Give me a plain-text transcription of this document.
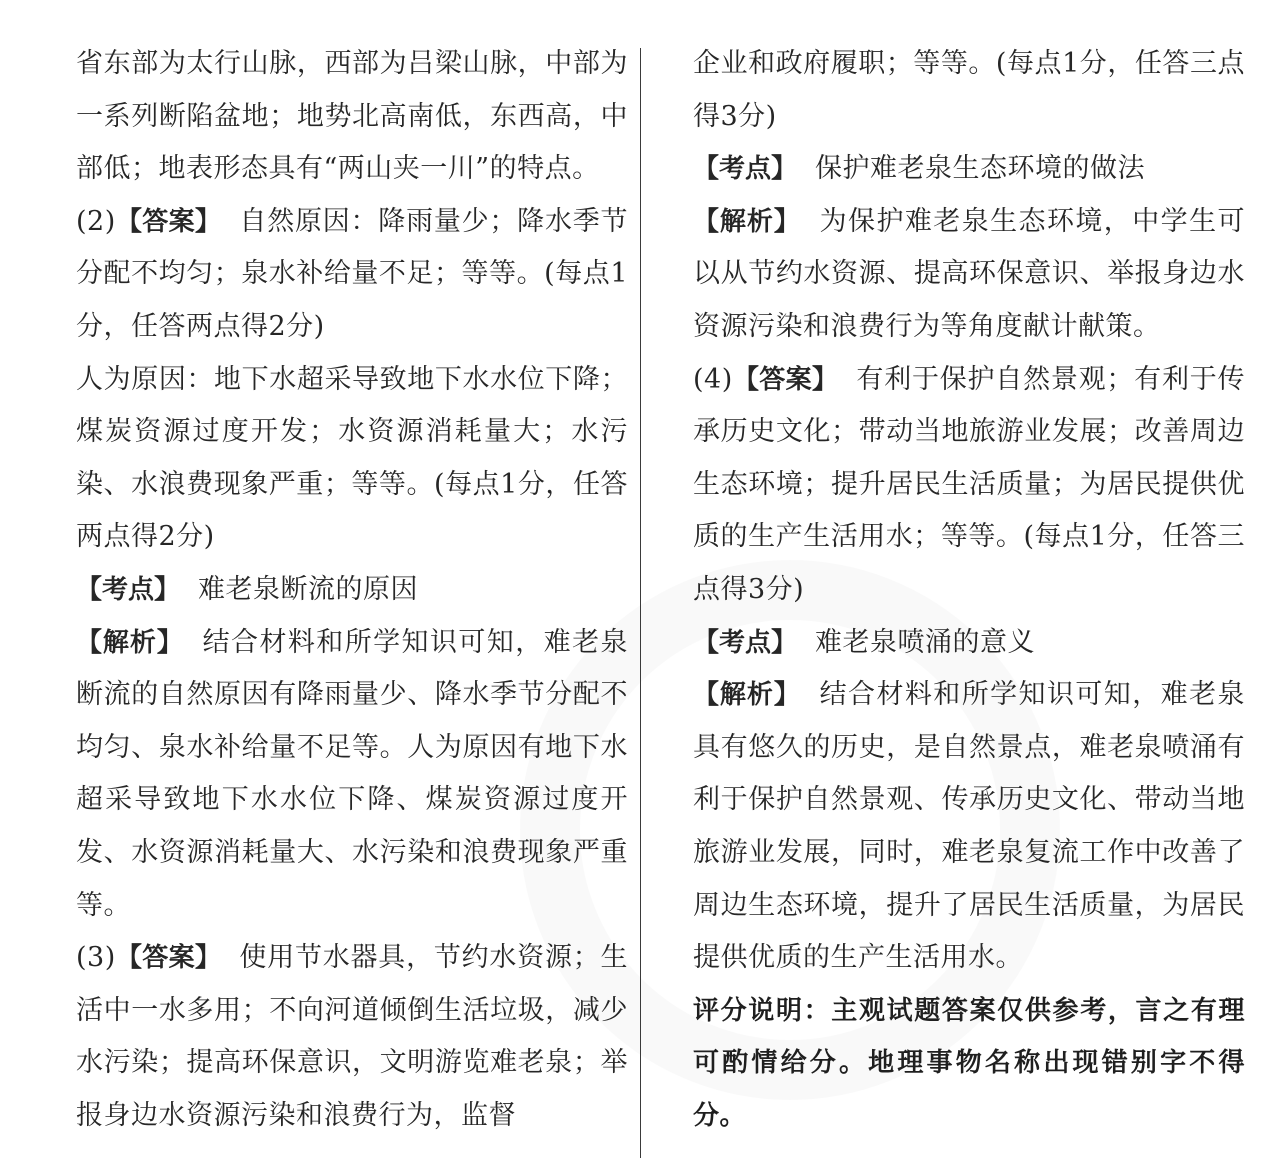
省东部为太行山脉，西部为吕梁山脉，中部为一系列断陷盆地；地势北高南低，东西高，中部低；地表形态具有“两山夹一川”的特点。

(2)【答案】 自然原因：降雨量少；降水季节分配不均匀；泉水补给量不足；等等。(每点1分，任答两点得2分)

人为原因：地下水超采导致地下水水位下降；煤炭资源过度开发；水资源消耗量大；水污染、水浪费现象严重；等等。(每点1分，任答两点得2分)

【考点】 难老泉断流的原因

【解析】 结合材料和所学知识可知，难老泉断流的自然原因有降雨量少、降水季节分配不均匀、泉水补给量不足等。人为原因有地下水超采导致地下水水位下降、煤炭资源过度开发、水资源消耗量大、水污染和浪费现象严重等。

(3)【答案】 使用节水器具，节约水资源；生活中一水多用；不向河道倾倒生活垃圾，减少水污染；提高环保意识，文明游览难老泉；举报身边水资源污染和浪费行为，监督

企业和政府履职；等等。(每点1分，任答三点得3分)

【考点】 保护难老泉生态环境的做法

【解析】 为保护难老泉生态环境，中学生可以从节约水资源、提高环保意识、举报身边水资源污染和浪费行为等角度献计献策。

(4)【答案】 有利于保护自然景观；有利于传承历史文化；带动当地旅游业发展；改善周边生态环境；提升居民生活质量；为居民提供优质的生产生活用水；等等。(每点1分，任答三点得3分)

【考点】 难老泉喷涌的意义

【解析】 结合材料和所学知识可知，难老泉具有悠久的历史，是自然景点，难老泉喷涌有利于保护自然景观、传承历史文化、带动当地旅游业发展，同时，难老泉复流工作中改善了周边生态环境，提升了居民生活质量，为居民提供优质的生产生活用水。

评分说明：主观试题答案仅供参考，言之有理可酌情给分。地理事物名称出现错别字不得分。
